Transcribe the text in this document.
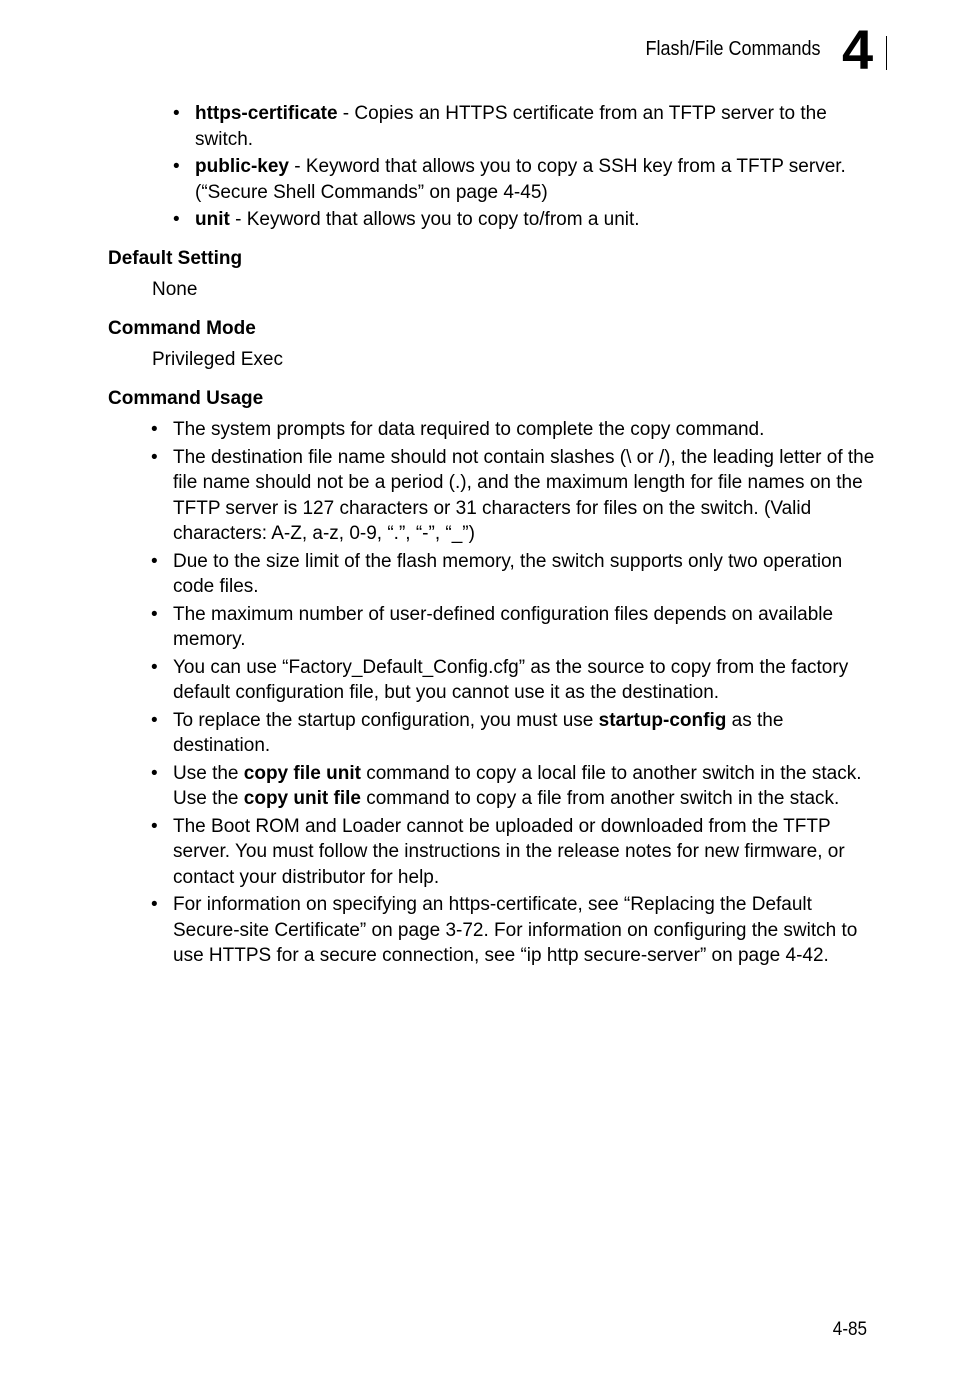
Flash/File Commands 4
• https-certificate - Copies an HTTPS certificate from an TFTP server to the switch.
• public-key - Keyword that allows you to copy a SSH key from a TFTP server. (“Secure Shell Commands” on page 4-45)
• unit - Keyword that allows you to copy to/from a unit.
Default Setting

None

Command Mode

Privileged Exec

Command Usage
• The system prompts for data required to complete the copy command.
• The destination file name should not contain slashes (\ or /), the leading letter of the file name should not be a period (.), and the maximum length for file names on the TFTP server is 127 characters or 31 characters for files on the switch. (Valid characters: A-Z, a-z, 0-9, “.”, “-”, “_”)
• Due to the size limit of the flash memory, the switch supports only two operation code files.
• The maximum number of user-defined configuration files depends on available memory.
• You can use “Factory_Default_Config.cfg” as the source to copy from the factory default configuration file, but you cannot use it as the destination.
• To replace the startup configuration, you must use startup-config as the destination.
• Use the copy file unit command to copy a local file to another switch in the stack. Use the copy unit file command to copy a file from another switch in the stack.
• The Boot ROM and Loader cannot be uploaded or downloaded from the TFTP server. You must follow the instructions in the release notes for new firmware, or contact your distributor for help.
• For information on specifying an https-certificate, see “Replacing the Default Secure-site Certificate” on page 3-72. For information on configuring the switch to use HTTPS for a secure connection, see “ip http secure-server” on page 4-42.
4-85
